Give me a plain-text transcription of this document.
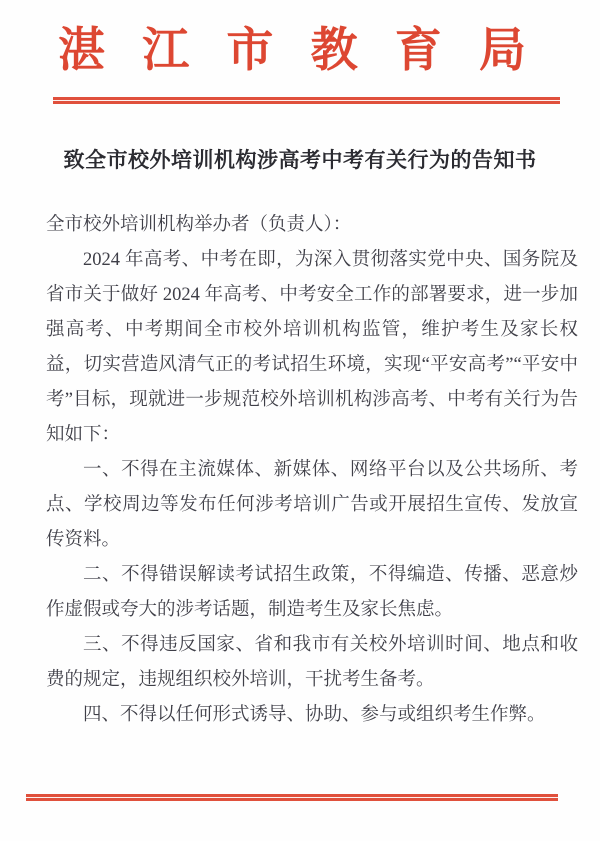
湛 江 市 教 育 局
致全市校外培训机构涉高考中考有关行为的告知书

全市校外培训机构举办者（负责人）：

2024 年高考、中考在即，为深入贯彻落实党中央、国务院及省市关于做好 2024 年高考、中考安全工作的部署要求，进一步加强高考、中考期间全市校外培训机构监管，维护考生及家长权益，切实营造风清气正的考试招生环境，实现“平安高考”“平安中考”目标，现就进一步规范校外培训机构涉高考、中考有关行为告知如下：

一、不得在主流媒体、新媒体、网络平台以及公共场所、考点、学校周边等发布任何涉考培训广告或开展招生宣传、发放宣传资料。

二、不得错误解读考试招生政策，不得编造、传播、恶意炒作虚假或夸大的涉考话题，制造考生及家长焦虑。

三、不得违反国家、省和我市有关校外培训时间、地点和收费的规定，违规组织校外培训，干扰考生备考。

四、不得以任何形式诱导、协助、参与或组织考生作弊。
